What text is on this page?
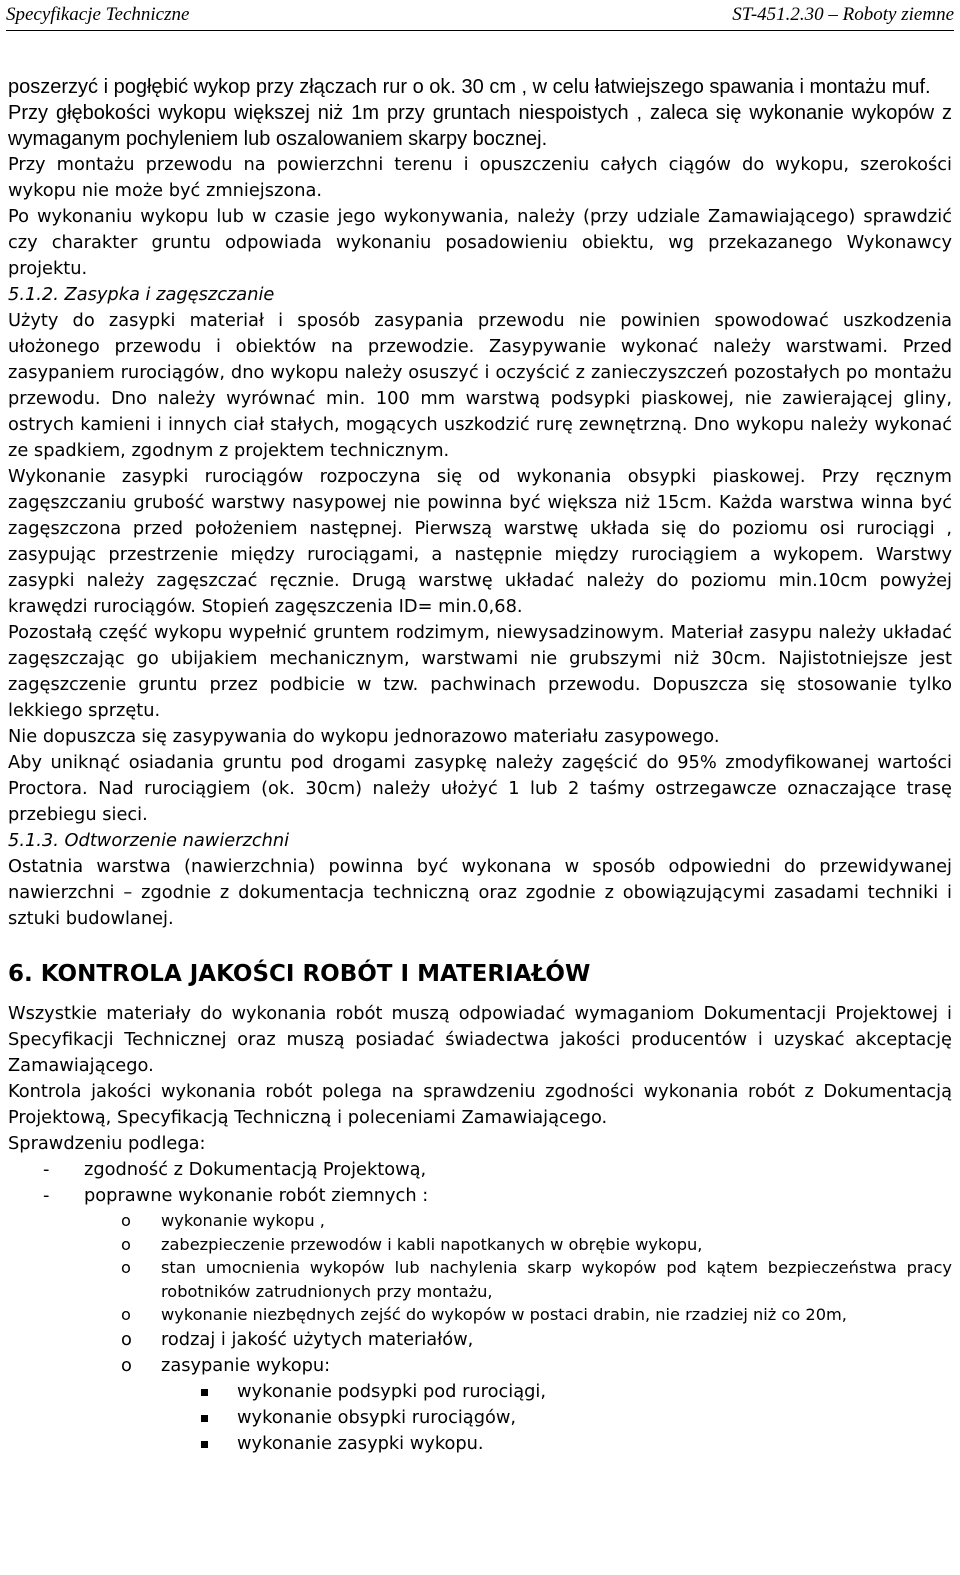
Specyfikacje Techniczne	ST-451.2.30 – Roboty ziemne

poszerzyć i pogłębić wykop przy złączach rur o ok. 30 cm , w celu łatwiejszego spawania i montażu muf.

Przy głębokości wykopu większej niż 1m przy gruntach niespoistych , zaleca się wykonanie wykopów z wymaganym pochyleniem lub oszalowaniem skarpy bocznej.

Przy montażu przewodu na powierzchni terenu i opuszczeniu całych ciągów do wykopu, szerokości wykopu nie może być zmniejszona.

Po wykonaniu wykopu lub w czasie jego wykonywania, należy (przy udziale Zamawiającego) sprawdzić czy charakter gruntu odpowiada wykonaniu posadowieniu obiektu, wg przekazanego Wykonawcy projektu.

5.1.2. Zasypka i zagęszczanie

Użyty do zasypki materiał i sposób zasypania przewodu nie powinien spowodować uszkodzenia ułożonego przewodu i obiektów na przewodzie. Zasypywanie wykonać należy warstwami. Przed zasypaniem rurociągów, dno wykopu należy osuszyć i oczyścić z zanieczyszczeń pozostałych po montażu przewodu. Dno należy wyrównać min. 100 mm warstwą podsypki piaskowej, nie zawierającej gliny, ostrych kamieni i innych ciał stałych, mogących uszkodzić rurę zewnętrzną. Dno wykopu należy wykonać ze spadkiem, zgodnym z projektem technicznym.

Wykonanie zasypki rurociągów rozpoczyna się od wykonania obsypki piaskowej. Przy ręcznym zagęszczaniu grubość warstwy nasypowej nie powinna być większa niż 15cm. Każda warstwa winna być zagęszczona przed położeniem następnej. Pierwszą warstwę układa się do poziomu osi rurociągi , zasypując przestrzenie między rurociągami, a następnie między rurociągiem a wykopem. Warstwy zasypki należy zagęszczać ręcznie. Drugą warstwę układać należy do poziomu min.10cm powyżej krawędzi rurociągów. Stopień zagęszczenia ID= min.0,68.

Pozostałą część wykopu wypełnić gruntem rodzimym, niewysadzinowym. Materiał zasypu należy układać zagęszczając go ubijakiem mechanicznym, warstwami nie grubszymi niż 30cm. Najistotniejsze jest zagęszczenie gruntu przez podbicie w tzw. pachwinach przewodu. Dopuszcza się stosowanie tylko lekkiego sprzętu.

Nie dopuszcza się zasypywania do wykopu jednorazowo materiału zasypowego.

Aby uniknąć osiadania gruntu pod drogami zasypkę należy zagęścić do 95% zmodyfikowanej wartości Proctora. Nad rurociągiem (ok. 30cm) należy ułożyć 1 lub 2 taśmy ostrzegawcze oznaczające trasę przebiegu sieci.

5.1.3. Odtworzenie nawierzchni

Ostatnia warstwa (nawierzchnia) powinna być wykonana w sposób odpowiedni do przewidywanej nawierzchni – zgodnie z dokumentacja techniczną oraz zgodnie z obowiązującymi zasadami techniki i sztuki budowlanej.

6. KONTROLA JAKOŚCI ROBÓT I MATERIAŁÓW

Wszystkie materiały do wykonania robót muszą odpowiadać wymaganiom Dokumentacji Projektowej i Specyfikacji Technicznej oraz muszą posiadać świadectwa jakości producentów i uzyskać akceptację Zamawiającego.

Kontrola jakości wykonania robót polega na sprawdzeniu zgodności wykonania robót z Dokumentacją Projektową, Specyfikacją Techniczną i poleceniami Zamawiającego.

Sprawdzeniu podlega:

- zgodność z Dokumentacją Projektową,
- poprawne wykonanie robót ziemnych :
o wykonanie wykopu ,
o zabezpieczenie przewodów i kabli napotkanych w obrębie wykopu,
o stan umocnienia wykopów lub nachylenia skarp wykopów pod kątem bezpieczeństwa pracy robotników zatrudnionych przy montażu,
o wykonanie niezbędnych zejść do wykopów w postaci drabin, nie rzadziej niż co 20m,
o rodzaj i jakość użytych materiałów,
o zasypanie wykopu:
wykonanie podsypki pod rurociągi,
wykonanie obsypki rurociągów,
wykonanie zasypki wykopu.
